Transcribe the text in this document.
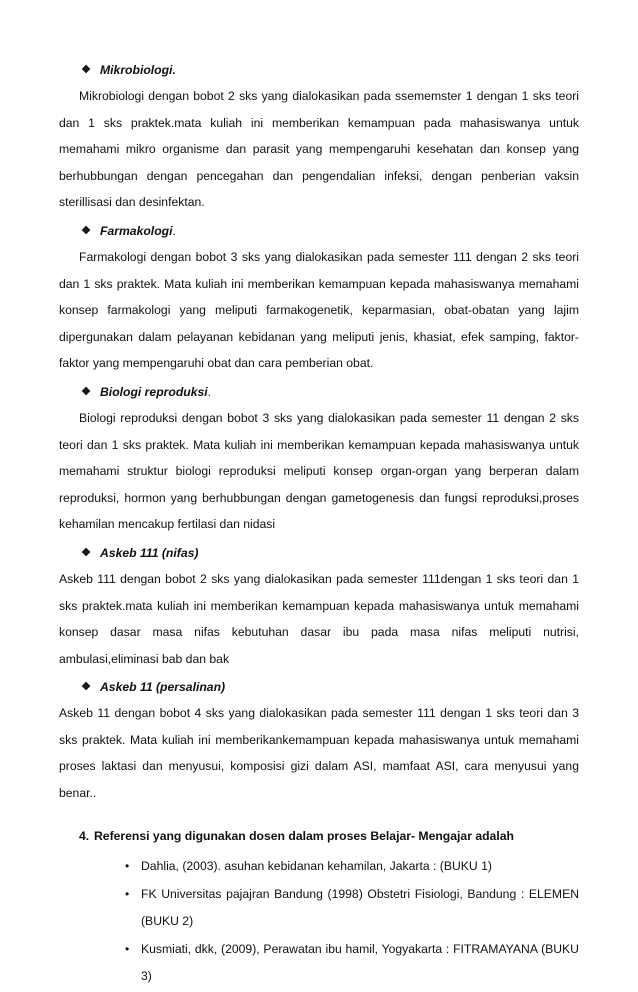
❖ Mikrobiologi.

Mikrobiologi dengan bobot 2 sks yang dialokasikan pada ssememster 1 dengan 1 sks teori dan 1 sks praktek.mata kuliah ini memberikan kemampuan pada mahasiswanya untuk memahami mikro organisme dan parasit yang mempengaruhi kesehatan dan konsep yang berhubbungan dengan pencegahan dan pengendalian infeksi, dengan penberian vaksin sterillisasi dan desinfektan.

❖ Farmakologi.

Farmakologi dengan bobot 3 sks yang dialokasikan pada semester 111 dengan 2 sks teori dan 1 sks praktek. Mata kuliah ini memberikan kemampuan kepada mahasiswanya memahami konsep farmakologi yang meliputi farmakogenetik, keparmasian, obat-obatan yang lajim dipergunakan dalam pelayanan kebidanan yang meliputi jenis, khasiat, efek samping, faktor-faktor yang mempengaruhi obat dan cara pemberian obat.

❖ Biologi reproduksi.

Biologi reproduksi dengan bobot 3 sks yang dialokasikan pada semester 11 dengan 2 sks teori dan 1 sks praktek. Mata kuliah ini memberikan kemampuan kepada mahasiswanya untuk memahami struktur biologi reproduksi meliputi konsep organ-organ yang berperan dalam reproduksi, hormon yang berhubbungan dengan gametogenesis dan fungsi reproduksi,proses kehamilan mencakup fertilasi dan nidasi

❖ Askeb 111 (nifas)

Askeb 111 dengan bobot 2 sks yang dialokasikan pada semester 111dengan 1 sks teori dan 1 sks praktek.mata kuliah ini memberikan kemampuan kepada mahasiswanya untuk memahami konsep dasar masa nifas kebutuhan dasar ibu pada masa nifas meliputi nutrisi, ambulasi,eliminasi bab dan bak

❖ Askeb 11 (persalinan)

Askeb 11 dengan bobot 4 sks yang dialokasikan pada semester 111 dengan 1 sks teori dan 3 sks praktek. Mata kuliah ini memberikankemampuan kepada mahasiswanya untuk memahami proses laktasi dan menyusui, komposisi gizi dalam ASI, mamfaat ASI, cara menyusui yang benar..

4. Referensi yang digunakan dosen dalam proses Belajar- Mengajar adalah
• Dahlia, (2003). asuhan kebidanan kehamilan, Jakarta : (BUKU 1)
• FK Universitas pajajran Bandung (1998) Obstetri Fisiologi, Bandung : ELEMEN (BUKU 2)
• Kusmiati, dkk, (2009), Perawatan ibu hamil, Yogyakarta : FITRAMAYANA (BUKU 3)
